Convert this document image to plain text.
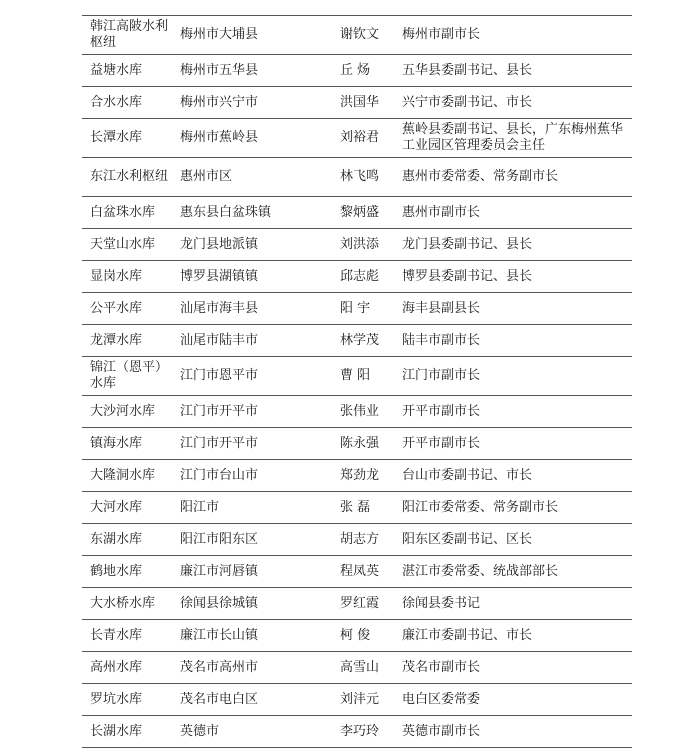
韩江高陂水利枢纽	梅州市大埔县	谢钦文	梅州市副市长
益塘水库	梅州市五华县	丘 炀	五华县委副书记、县长
合水水库	梅州市兴宁市	洪国华	兴宁市委副书记、市长
长潭水库	梅州市蕉岭县	刘裕君	蕉岭县委副书记、县长，广东梅州蕉华工业园区管理委员会主任
东江水利枢纽	惠州市区	林飞鸣	惠州市委常委、常务副市长
白盆珠水库	惠东县白盆珠镇	黎炳盛	惠州市副市长
天堂山水库	龙门县地派镇	刘洪添	龙门县委副书记、县长
显岗水库	博罗县湖镇镇	邱志彪	博罗县委副书记、县长
公平水库	汕尾市海丰县	阳 宇	海丰县副县长
龙潭水库	汕尾市陆丰市	林学茂	陆丰市副市长
锦江（恩平）水库	江门市恩平市	曹 阳	江门市副市长
大沙河水库	江门市开平市	张伟业	开平市副市长
镇海水库	江门市开平市	陈永强	开平市副市长
大隆洞水库	江门市台山市	郑劲龙	台山市委副书记、市长
大河水库	阳江市	张 磊	阳江市委常委、常务副市长
东湖水库	阳江市阳东区	胡志方	阳东区委副书记、区长
鹤地水库	廉江市河唇镇	程凤英	湛江市委常委、统战部部长
大水桥水库	徐闻县徐城镇	罗红霞	徐闻县委书记
长青水库	廉江市长山镇	柯 俊	廉江市委副书记、市长
高州水库	茂名市高州市	高雪山	茂名市副市长
罗坑水库	茂名市电白区	刘沣元	电白区委常委
长湖水库	英德市	李巧玲	英德市副市长
